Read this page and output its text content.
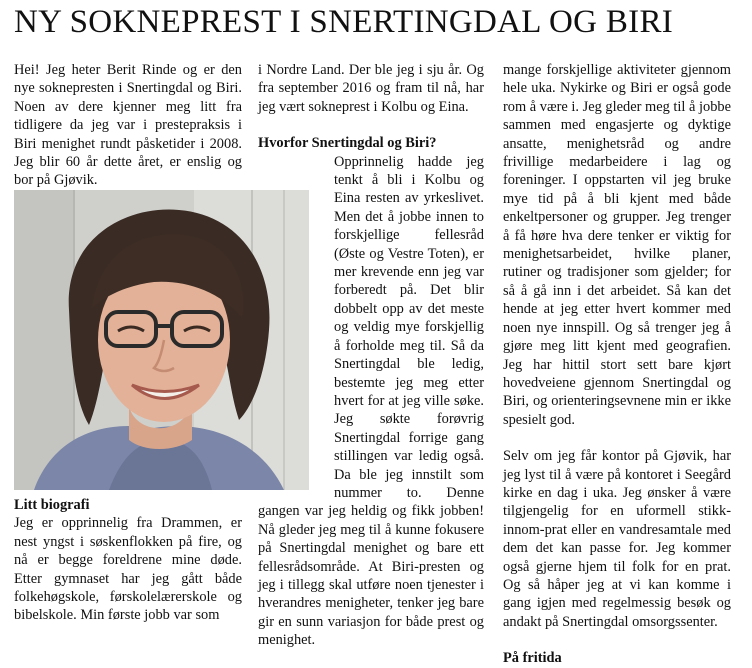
NY SOKNEPREST I SNERTINGDAL OG BIRI

Hei! Jeg heter Berit Rinde og er den nye soknepresten i Snertingdal og Biri. Noen av dere kjenner meg litt fra tidligere da jeg var i prestepraksis i Biri menighet rundt påsketider i 2008. Jeg blir 60 år dette året, er enslig og bor på Gjøvik.

Litt biografi

Jeg er opprinnelig fra Drammen, er nest yngst i søskenflokken på fire, og nå er begge foreldrene mine døde. Etter gymnaset har jeg gått både folkehøgskole, førskolelærerskole og bibelskole. Min første jobb var som

i Nordre Land. Der ble jeg i sju år. Og fra september 2016 og fram til nå, har jeg vært sokneprest i Kolbu og Eina.

Hvorfor Snertingdal og Biri?

Opprinnelig hadde jeg tenkt å bli i Kolbu og Eina resten av yrkeslivet. Men det å jobbe innen to forskjellige fellesråd (Øste og Vestre Toten), er mer krevende enn jeg var forberedt på. Det blir dobbelt opp av det meste og veldig mye forskjellig å forholde meg til. Så da Snertingdal ble ledig, bestemte jeg meg etter hvert for at jeg ville søke. Jeg søkte forøvrig Snertingdal forrige gang stillingen var ledig også. Da ble jeg innstilt som nummer to. Denne gangen var jeg heldig og fikk jobben! Nå gleder jeg meg til å kunne fokusere på Snertingdal menighet og bare ett fellesrådsområde. At Biri-presten og jeg i tillegg skal utføre noen tjenester i hverandres menigheter, tenker jeg bare gir en sunn variasjon for både prest og menighet.

mange forskjellige aktiviteter gjennom hele uka. Nykirke og Biri er også gode rom å være i. Jeg gleder meg til å jobbe sammen med engasjerte og dyktige ansatte, menighetsråd og andre frivillige medarbeidere i lag og foreninger. I oppstarten vil jeg bruke mye tid på å bli kjent med både enkeltpersoner og grupper. Jeg trenger å få høre hva dere tenker er viktig for menighetsarbeidet, hvilke planer, rutiner og tradisjoner som gjelder; for så å gå inn i det arbeidet. Så kan det hende at jeg etter hvert kommer med noen nye innspill. Og så trenger jeg å gjøre meg litt kjent med geografien. Jeg har hittil stort sett bare kjørt hovedveiene gjennom Snertingdal og Biri, og orienteringsevnene min er ikke spesielt god.

Selv om jeg får kontor på Gjøvik, har jeg lyst til å være på kontoret i Seegård kirke en dag i uka. Jeg ønsker å være tilgjengelig for en uformell stikk-innom-prat eller en vandresamtale med dem det kan passe for. Jeg kommer også gjerne hjem til folk for en prat. Og så håper jeg at vi kan komme i gang igjen med regelmessig besøk og andakt på Snertingdal omsorgssenter.

På fritida
